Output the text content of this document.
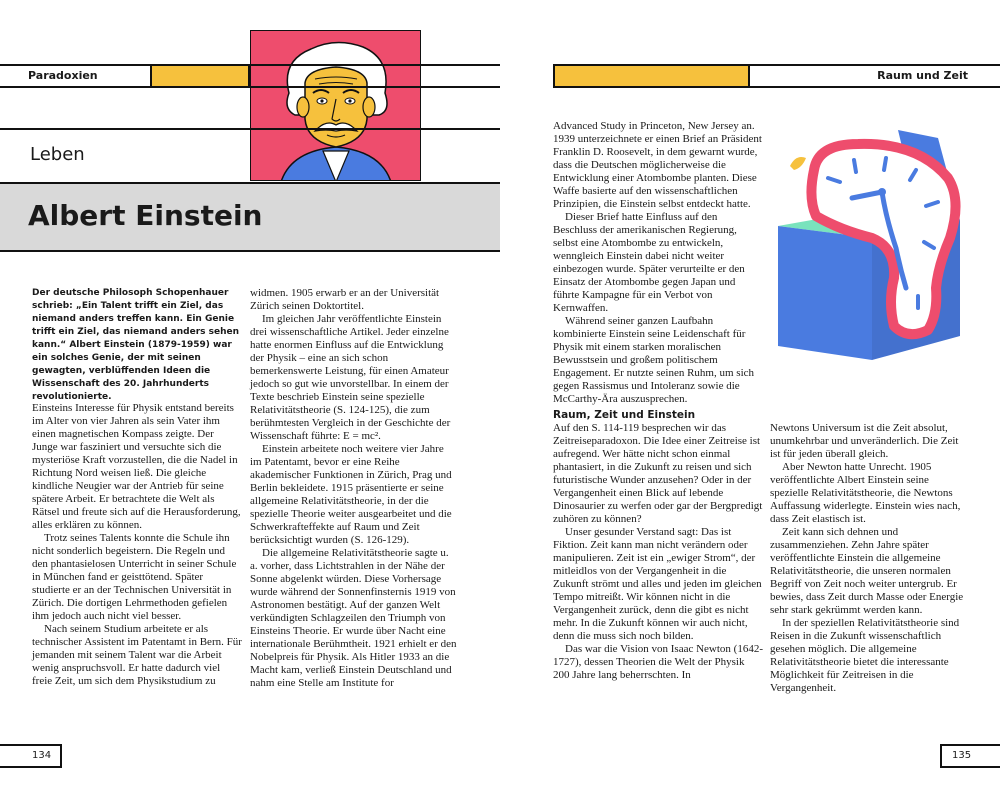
Paradoxien
Leben
Albert Einstein
Der deutsche Philosoph Schopenhauer schrieb: „Ein Talent trifft ein Ziel, das niemand anders treffen kann. Ein Genie trifft ein Ziel, das niemand anders sehen kann.“ Albert Einstein (1879-1959) war ein solches Genie, der mit seinen gewagten, verblüffenden Ideen die Wissenschaft des 20. Jahrhunderts revolutionierte.

Einsteins Interesse für Physik entstand bereits im Alter von vier Jahren als sein Vater ihm einen magnetischen Kompass zeigte. Der Junge war fasziniert und versuchte sich die mysteriöse Kraft vorzustellen, die die Nadel in Richtung Nord weisen ließ. Die gleiche kindliche Neugier war der Antrieb für seine spätere Arbeit. Er betrachtete die Welt als Rätsel und freute sich auf die Herausforderung, alles erklären zu können.

Trotz seines Talents konnte die Schule ihn nicht sonderlich begeistern. Die Regeln und den phantasielosen Unterricht in seiner Schule in München fand er geisttötend. Später studierte er an der Technischen Universität in Zürich. Die dortigen Lehrmethoden gefielen ihm jedoch auch nicht viel besser.

Nach seinem Studium arbeitete er als technischer Assistent im Patentamt in Bern. Für jemanden mit seinem Talent war die Arbeit wenig anspruchsvoll. Er hatte dadurch viel freie Zeit, um sich dem Physikstudium zu

widmen. 1905 erwarb er an der Universität Zürich seinen Doktortitel.

Im gleichen Jahr veröffentlichte Einstein drei wissenschaftliche Artikel. Jeder einzelne hatte enormen Einfluss auf die Entwicklung der Physik – eine an sich schon bemerkenswerte Leistung, für einen Amateur jedoch so gut wie unvorstellbar. In einem der Texte beschrieb Einstein seine spezielle Relativitätstheorie (S. 124-125), die zum berühmtesten Vergleich in der Geschichte der Wissenschaft führte: E = mc².

Einstein arbeitete noch weitere vier Jahre im Patentamt, bevor er eine Reihe akademischer Funktionen in Zürich, Prag und Berlin bekleidete. 1915 präsentierte er seine allgemeine Relativitätstheorie, in der die spezielle Theorie weiter ausgearbeitet und die Schwerkrafteffekte auf Raum und Zeit berücksichtigt wurden (S. 126-129).

Die allgemeine Relativitätstheorie sagte u. a. vorher, dass Lichtstrahlen in der Nähe der Sonne abgelenkt würden. Diese Vorhersage wurde während der Sonnenfinsternis 1919 von Astronomen bestätigt. Auf der ganzen Welt verkündigten Schlagzeilen den Triumph von Einsteins Theorie. Er wurde über Nacht eine internationale Berühmtheit. 1921 erhielt er den Nobelpreis für Physik. Als Hitler 1933 an die Macht kam, verließ Einstein Deutschland und nahm eine Stelle am Institute for

134
Raum und Zeit

Advanced Study in Princeton, New Jersey an. 1939 unterzeichnete er einen Brief an Präsident Franklin D. Roosevelt, in dem gewarnt wurde, dass die Deutschen möglicherweise die Entwicklung einer Atombombe planten. Diese Waffe basierte auf den wissenschaftlichen Prinzipien, die Einstein selbst entdeckt hatte.

Dieser Brief hatte Einfluss auf den Beschluss der amerikanischen Regierung, selbst eine Atombombe zu entwickeln, wenngleich Einstein dabei nicht weiter einbezogen wurde. Später verurteilte er den Einsatz der Atombombe gegen Japan und führte Kampagne für ein Verbot von Kernwaffen.

Während seiner ganzen Laufbahn kombinierte Einstein seine Leidenschaft für Physik mit einem starken moralischen Bewusstsein und großem politischem Engagement. Er nutzte seinen Ruhm, um sich gegen Rassismus und Intoleranz sowie die McCarthy-Ära auszusprechen.

Raum, Zeit und Einstein

Auf den S. 114-119 besprechen wir das Zeitreiseparadoxon. Die Idee einer Zeitreise ist aufregend. Wer hätte nicht schon einmal phantasiert, in die Zukunft zu reisen und sich futuristische Wunder anzusehen? Oder in der Vergangenheit einen Blick auf lebende Dinosaurier zu werfen oder gar der Bergpredigt zuhören zu können?

Unser gesunder Verstand sagt: Das ist Fiktion. Zeit kann man nicht verändern oder manipulieren. Zeit ist ein „ewiger Strom“, der mitleidlos von der Vergangenheit in die Zukunft strömt und alles und jeden im gleichen Tempo mitreißt. Wir können nicht in die Vergangenheit zurück, denn die gibt es nicht mehr. In die Zukunft können wir auch nicht, denn die muss sich noch bilden.

Das war die Vision von Isaac Newton (1642-1727), dessen Theorien die Welt der Physik 200 Jahre lang beherrschten. In

Newtons Universum ist die Zeit absolut, unumkehrbar und unveränderlich. Die Zeit ist für jeden überall gleich.

Aber Newton hatte Unrecht. 1905 veröffentlichte Albert Einstein seine spezielle Relativitätstheorie, die Newtons Auffassung widerlegte. Einstein wies nach, dass Zeit elastisch ist.

Zeit kann sich dehnen und zusammenziehen. Zehn Jahre später veröffentlichte Einstein die allgemeine Relativitätstheorie, die unseren normalen Begriff von Zeit noch weiter untergrub. Er bewies, dass Zeit durch Masse oder Energie sehr stark gekrümmt werden kann.

In der speziellen Relativitätstheorie sind Reisen in die Zukunft wissenschaftlich gesehen möglich. Die allgemeine Relativitätstheorie bietet die interessante Möglichkeit für Zeitreisen in die Vergangenheit.

135
